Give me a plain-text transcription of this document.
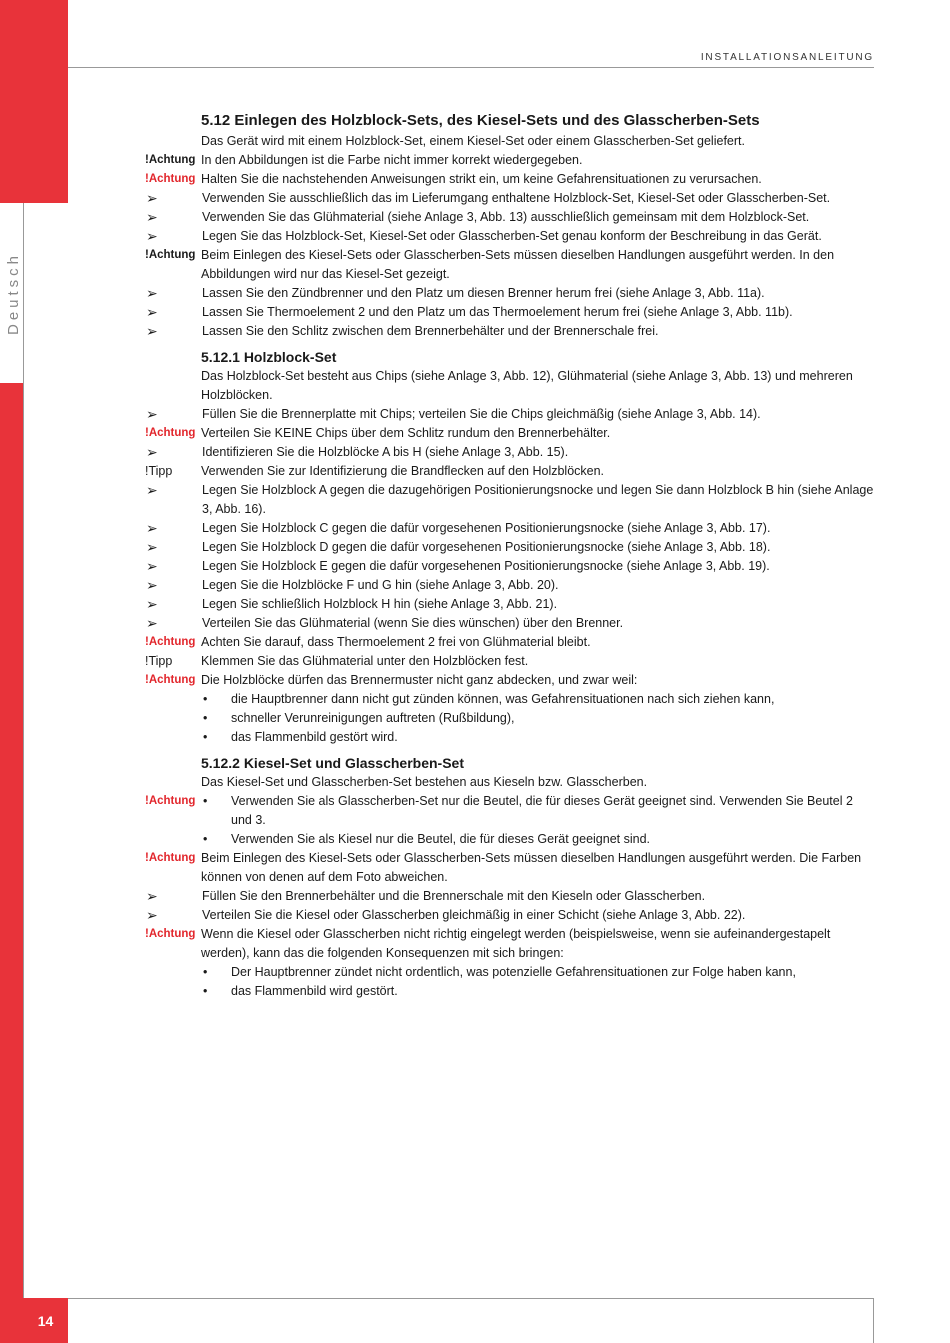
14
Deutsch
INSTALLATIONSANLEITUNG
5.12 Einlegen des Holzblock-Sets, des Kiesel-Sets und des Glasscherben-Sets
Das Gerät wird mit einem Holzblock-Set, einem Kiesel-Set oder einem Glasscherben-Set geliefert.
!Achtung In den Abbildungen ist die Farbe nicht immer korrekt wiedergegeben.
!Achtung Halten Sie die nachstehenden Anweisungen strikt ein, um keine Gefahrensituationen zu verursachen.
➢	Verwenden Sie ausschließlich das im Lieferumgang enthaltene Holzblock-Set, Kiesel-Set oder Glasscherben-Set.
➢	Verwenden Sie das Glühmaterial (siehe Anlage 3, Abb. 13) ausschließlich gemeinsam mit dem Holzblock-Set.
➢	Legen Sie das Holzblock-Set, Kiesel-Set oder Glasscherben-Set genau konform der Beschreibung in das Gerät.
!Achtung Beim Einlegen des Kiesel-Sets oder Glasscherben-Sets müssen dieselben Handlungen ausgeführt werden. In den Abbildungen wird nur das Kiesel-Set gezeigt.
➢	Lassen Sie den Zündbrenner und den Platz um diesen Brenner herum frei (siehe Anlage 3, Abb. 11a).
➢	Lassen Sie Thermoelement 2 und den Platz um das Thermoelement herum frei (siehe Anlage 3, Abb. 11b).
➢	Lassen Sie den Schlitz zwischen dem Brennerbehälter und der Brennerschale frei.
5.12.1 Holzblock-Set
Das Holzblock-Set besteht aus Chips (siehe Anlage 3, Abb. 12), Glühmaterial (siehe Anlage 3, Abb. 13) und mehreren Holzblöcken.
➢	Füllen Sie die Brennerplatte mit Chips; verteilen Sie die Chips gleichmäßig (siehe Anlage 3, Abb. 14).
!Achtung Verteilen Sie KEINE Chips über dem Schlitz rundum den Brennerbehälter.
➢	Identifizieren Sie die Holzblöcke A bis H (siehe Anlage 3, Abb. 15).
!Tipp	Verwenden Sie zur Identifizierung die Brandflecken auf den Holzblöcken.
➢	Legen Sie Holzblock A gegen die dazugehörigen Positionierungsnocke und legen Sie dann Holzblock B hin (siehe Anlage 3, Abb. 16).
➢	Legen Sie Holzblock C gegen die dafür vorgesehenen Positionierungsnocke (siehe Anlage 3, Abb. 17).
➢	Legen Sie Holzblock D gegen die dafür vorgesehenen Positionierungsnocke (siehe Anlage 3, Abb. 18).
➢	Legen Sie Holzblock E gegen die dafür vorgesehenen Positionierungsnocke (siehe Anlage 3, Abb. 19).
➢	Legen Sie die Holzblöcke F und G hin (siehe Anlage 3, Abb. 20).
➢	Legen Sie schließlich Holzblock H hin (siehe Anlage 3, Abb. 21).
➢	Verteilen Sie das Glühmaterial (wenn Sie dies wünschen) über den Brenner.
!Achtung Achten Sie darauf, dass Thermoelement 2 frei von Glühmaterial bleibt.
!Tipp	Klemmen Sie das Glühmaterial unter den Holzblöcken fest.
!Achtung Die Holzblöcke dürfen das Brennermuster nicht ganz abdecken, und zwar weil:
•	die Hauptbrenner dann nicht gut zünden können, was Gefahrensituationen nach sich ziehen kann,
•	schneller Verunreinigungen auftreten (Rußbildung),
•	das Flammenbild gestört wird.
5.12.2 Kiesel-Set und Glasscherben-Set
Das Kiesel-Set und Glasscherben-Set bestehen aus Kieseln bzw. Glasscherben.
!Achtung •	Verwenden Sie als Glasscherben-Set nur die Beutel, die für dieses Gerät geeignet sind. Verwenden Sie Beutel 2 und 3.
•	Verwenden Sie als Kiesel nur die Beutel, die für dieses Gerät geeignet sind.
!Achtung Beim Einlegen des Kiesel-Sets oder Glasscherben-Sets müssen dieselben Handlungen ausgeführt werden. Die Farben können von denen auf dem Foto abweichen.
➢	Füllen Sie den Brennerbehälter und die Brennerschale mit den Kieseln oder Glasscherben.
➢	Verteilen Sie die Kiesel oder Glasscherben gleichmäßig in einer Schicht (siehe Anlage 3, Abb. 22).
!Achtung Wenn die Kiesel oder Glasscherben nicht richtig eingelegt werden (beispielsweise, wenn sie aufeinandergestapelt werden), kann das die folgenden Konsequenzen mit sich bringen:
•	Der Hauptbrenner zündet nicht ordentlich, was potenzielle Gefahrensituationen zur Folge haben kann,
•	das Flammenbild wird gestört.
